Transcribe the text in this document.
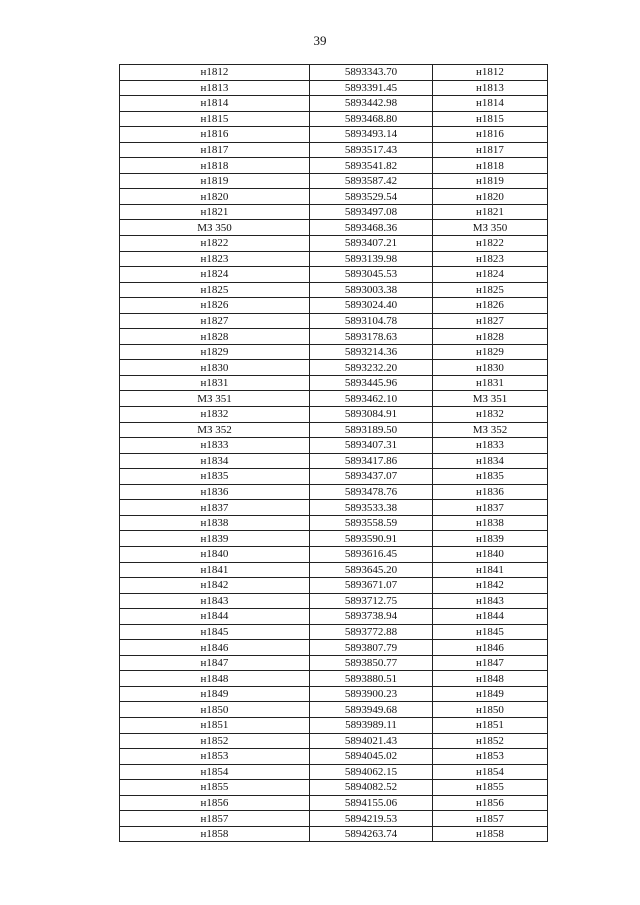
39
н1812	5893343.70	н1812
н1813	5893391.45	н1813
н1814	5893442.98	н1814
н1815	5893468.80	н1815
н1816	5893493.14	н1816
н1817	5893517.43	н1817
н1818	5893541.82	н1818
н1819	5893587.42	н1819
н1820	5893529.54	н1820
н1821	5893497.08	н1821
МЗ 350	5893468.36	МЗ 350
н1822	5893407.21	н1822
н1823	5893139.98	н1823
н1824	5893045.53	н1824
н1825	5893003.38	н1825
н1826	5893024.40	н1826
н1827	5893104.78	н1827
н1828	5893178.63	н1828
н1829	5893214.36	н1829
н1830	5893232.20	н1830
н1831	5893445.96	н1831
МЗ 351	5893462.10	МЗ 351
н1832	5893084.91	н1832
МЗ 352	5893189.50	МЗ 352
н1833	5893407.31	н1833
н1834	5893417.86	н1834
н1835	5893437.07	н1835
н1836	5893478.76	н1836
н1837	5893533.38	н1837
н1838	5893558.59	н1838
н1839	5893590.91	н1839
н1840	5893616.45	н1840
н1841	5893645.20	н1841
н1842	5893671.07	н1842
н1843	5893712.75	н1843
н1844	5893738.94	н1844
н1845	5893772.88	н1845
н1846	5893807.79	н1846
н1847	5893850.77	н1847
н1848	5893880.51	н1848
н1849	5893900.23	н1849
н1850	5893949.68	н1850
н1851	5893989.11	н1851
н1852	5894021.43	н1852
н1853	5894045.02	н1853
н1854	5894062.15	н1854
н1855	5894082.52	н1855
н1856	5894155.06	н1856
н1857	5894219.53	н1857
н1858	5894263.74	н1858
